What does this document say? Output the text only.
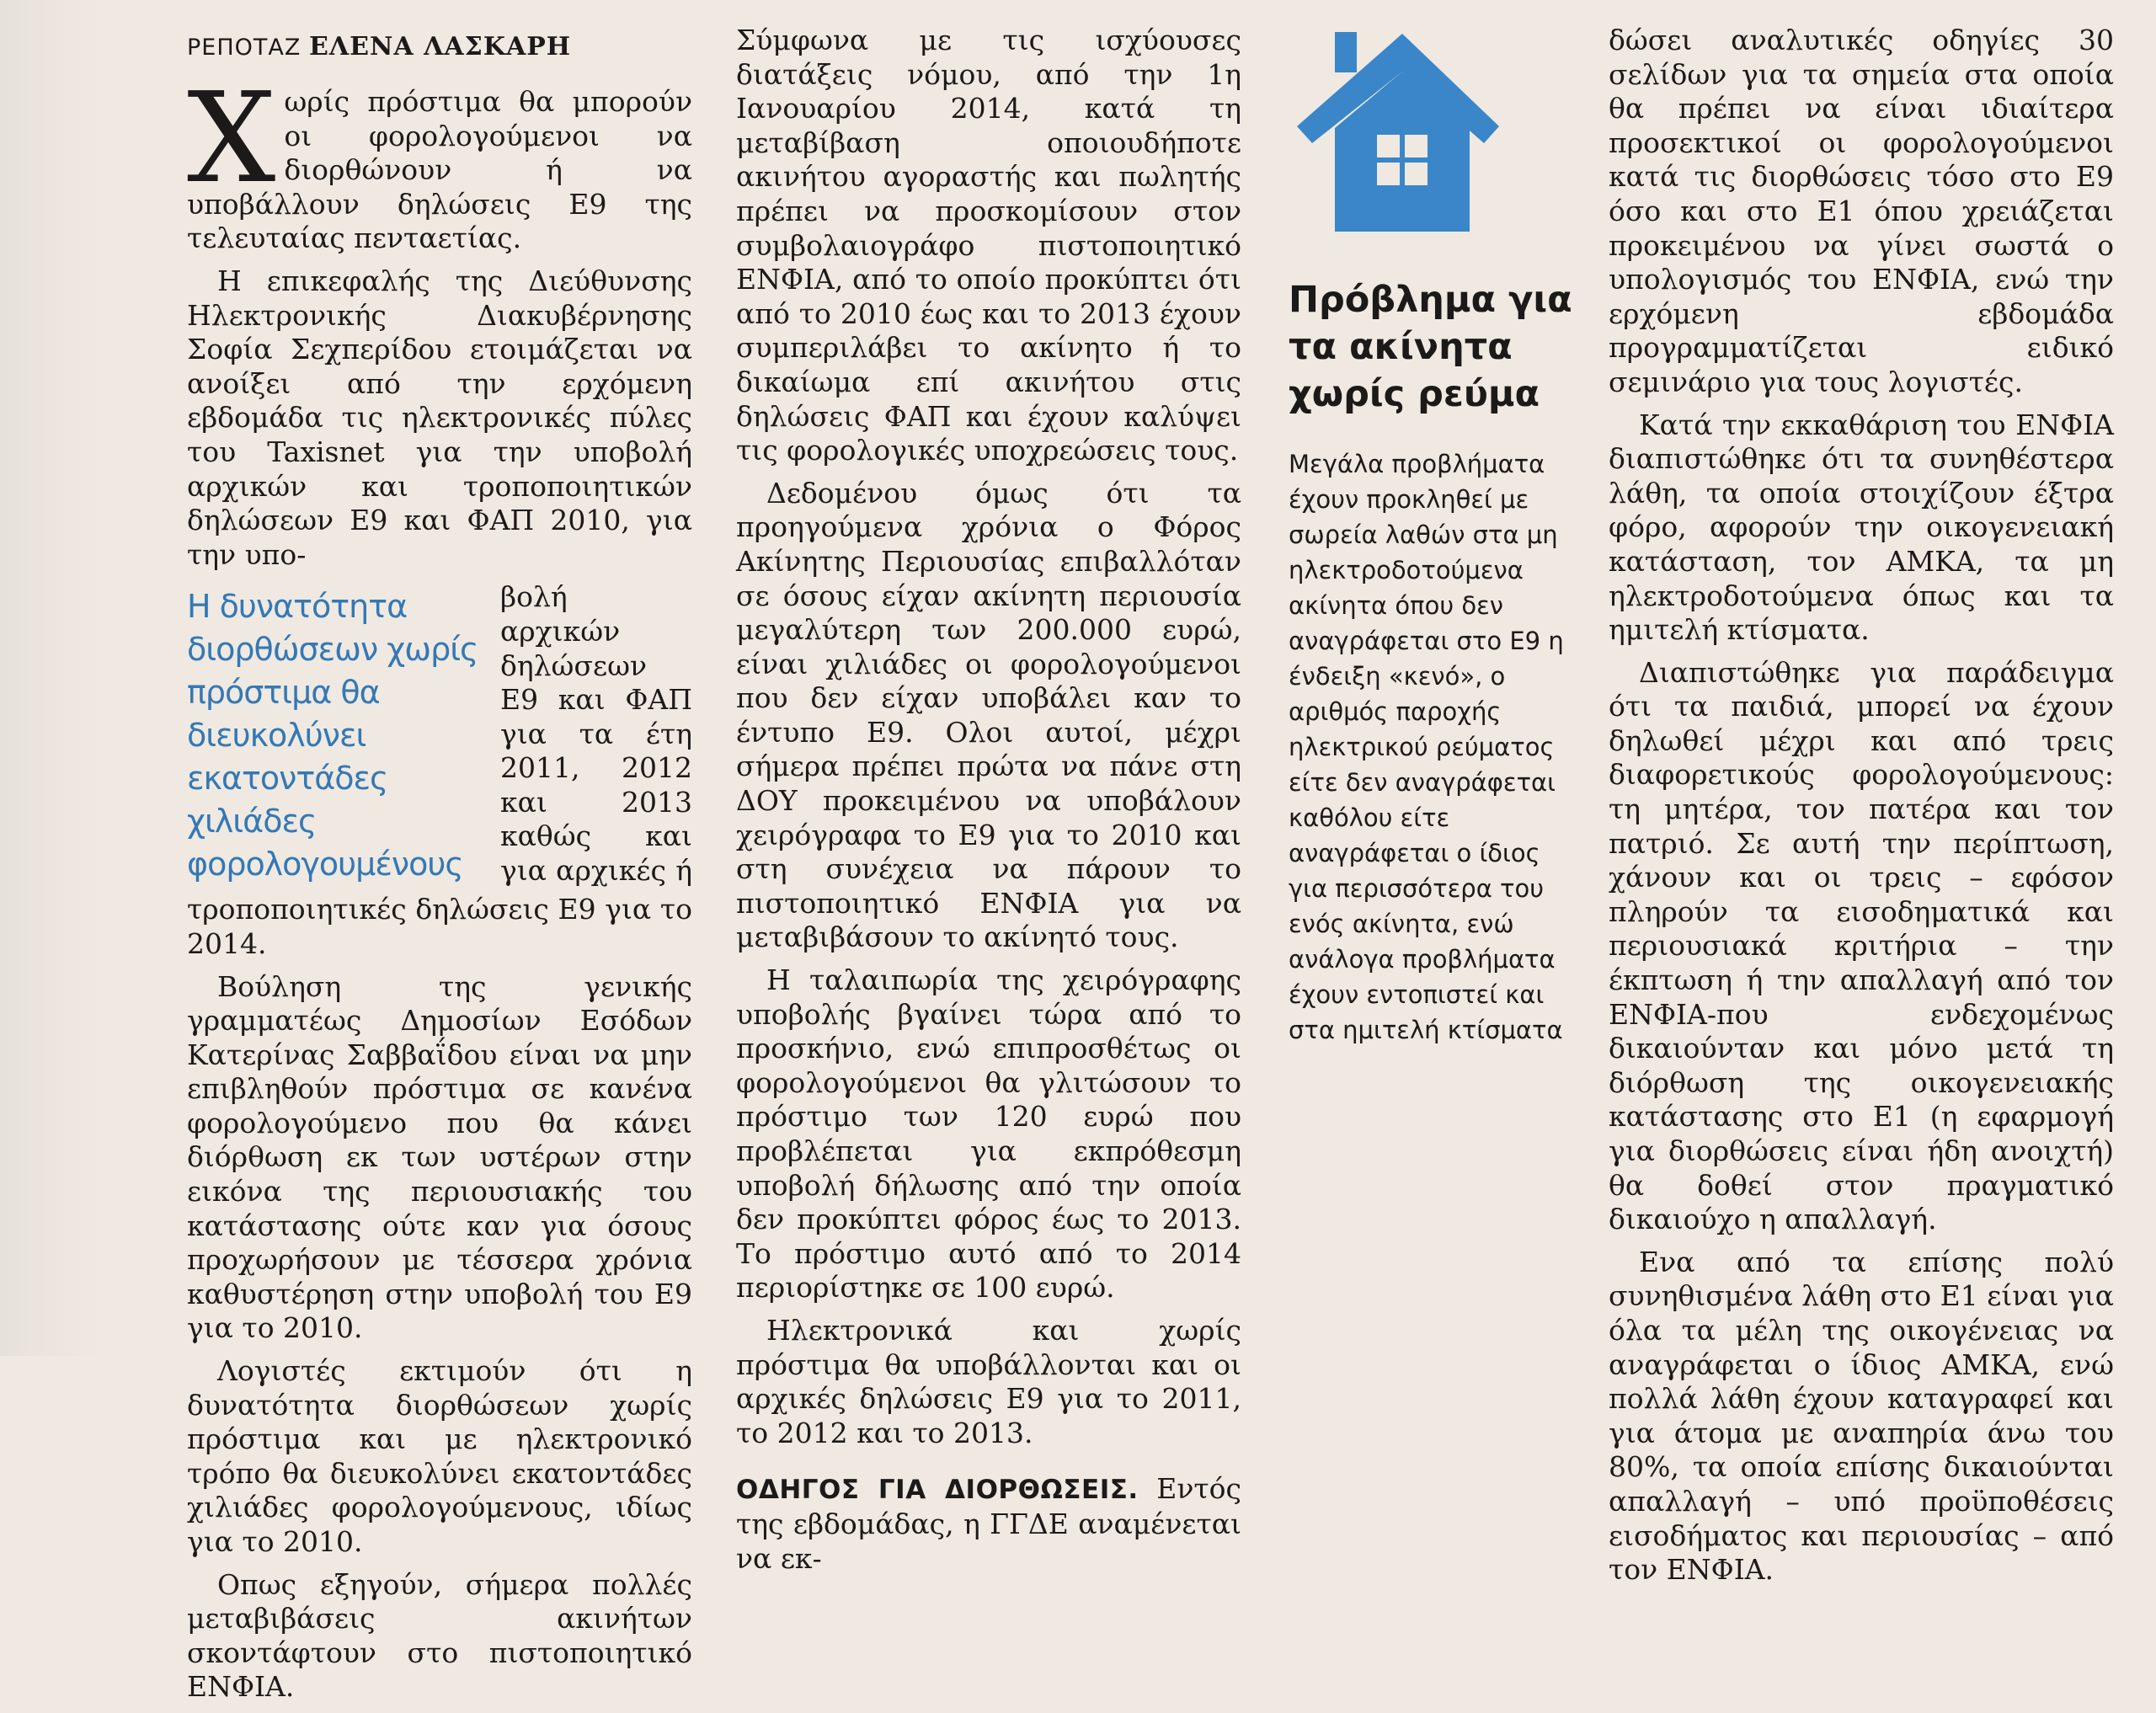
ΡΕΠΟΤΑΖ ΕΛΕΝΑ ΛΑΣΚΑΡΗ

Χωρίς πρόστιμα θα μπορούν οι φορολογούμενοι να διορθώνουν ή να υποβάλλουν δηλώσεις Ε9 της τελευταίας πενταετίας.

Η επικεφαλής της Διεύθυνσης Ηλεκτρονικής Διακυβέρνησης Σοφία Σεχπερίδου ετοιμάζεται να ανοίξει από την ερχόμενη εβδομάδα τις ηλεκτρονικές πύλες του Taxisnet για την υποβολή αρχικών και τροποποιητικών δηλώσεων Ε9 και ΦΑΠ 2010, για την υπο-

Η δυνατότητα διορθώσεων χωρίς πρόστιμα θα διευκολύνει εκατοντάδες χιλιάδες φορολογουμένους

βολή αρχικών δηλώσεων Ε9 και ΦΑΠ για τα έτη 2011, 2012 και 2013 καθώς και για αρχικές ή τροποποιητικές δηλώσεις Ε9 για το 2014.

Βούληση της γενικής γραμματέως Δημοσίων Εσόδων Κατερίνας Σαββαΐδου είναι να μην επιβληθούν πρόστιμα σε κανένα φορολογούμενο που θα κάνει διόρθωση εκ των υστέρων στην εικόνα της περιουσιακής του κατάστασης ούτε καν για όσους προχωρήσουν με τέσσερα χρόνια καθυστέρηση στην υποβολή του Ε9 για το 2010.

Λογιστές εκτιμούν ότι η δυνατότητα διορθώσεων χωρίς πρόστιμα και με ηλεκτρονικό τρόπο θα διευκολύνει εκατοντάδες χιλιάδες φορολογούμενους, ιδίως για το 2010.

Οπως εξηγούν, σήμερα πολλές μεταβιβάσεις ακινήτων σκοντάφτουν στο πιστοποιητικό ΕΝΦΙΑ.

Σύμφωνα με τις ισχύουσες διατάξεις νόμου, από την 1η Ιανουαρίου 2014, κατά τη μεταβίβαση οποιουδήποτε ακινήτου αγοραστής και πωλητής πρέπει να προσκομίσουν στον συμβολαιογράφο πιστοποιητικό ΕΝΦΙΑ, από το οποίο προκύπτει ότι από το 2010 έως και το 2013 έχουν συμπεριλάβει το ακίνητο ή το δικαίωμα επί ακινήτου στις δηλώσεις ΦΑΠ και έχουν καλύψει τις φορολογικές υποχρεώσεις τους.

Δεδομένου όμως ότι τα προηγούμενα χρόνια ο Φόρος Ακίνητης Περιουσίας επιβαλλόταν σε όσους είχαν ακίνητη περιουσία μεγαλύτερη των 200.000 ευρώ, είναι χιλιάδες οι φορολογούμενοι που δεν είχαν υποβάλει καν το έντυπο Ε9. Ολοι αυτοί, μέχρι σήμερα πρέπει πρώτα να πάνε στη ΔΟΥ προκειμένου να υποβάλουν χειρόγραφα το Ε9 για το 2010 και στη συνέχεια να πάρουν το πιστοποιητικό ΕΝΦΙΑ για να μεταβιβάσουν το ακίνητό τους.

Η ταλαιπωρία της χειρόγραφης υποβολής βγαίνει τώρα από το προσκήνιο, ενώ επιπροσθέτως οι φορολογούμενοι θα γλιτώσουν το πρόστιμο των 120 ευρώ που προβλέπεται για εκπρόθεσμη υποβολή δήλωσης από την οποία δεν προκύπτει φόρος έως το 2013. Το πρόστιμο αυτό από το 2014 περιορίστηκε σε 100 ευρώ.

Ηλεκτρονικά και χωρίς πρόστιμα θα υποβάλλονται και οι αρχικές δηλώσεις Ε9 για το 2011, το 2012 και το 2013.

ΟΔΗΓΟΣ ΓΙΑ ΔΙΟΡΘΩΣΕΙΣ. Εντός της εβδομάδας, η ΓΓΔΕ αναμένεται να εκ-

Πρόβλημα για τα ακίνητα χωρίς ρεύμα

Μεγάλα προβλήματα έχουν προκληθεί με σωρεία λαθών στα μη ηλεκτροδοτούμενα ακίνητα όπου δεν αναγράφεται στο Ε9 η ένδειξη «κενό», ο αριθμός παροχής ηλεκτρικού ρεύματος είτε δεν αναγράφεται καθόλου είτε αναγράφεται ο ίδιος για περισσότερα του ενός ακίνητα, ενώ ανάλογα προβλήματα έχουν εντοπιστεί και στα ημιτελή κτίσματα

δώσει αναλυτικές οδηγίες 30 σελίδων για τα σημεία στα οποία θα πρέπει να είναι ιδιαίτερα προσεκτικοί οι φορολογούμενοι κατά τις διορθώσεις τόσο στο Ε9 όσο και στο Ε1 όπου χρειάζεται προκειμένου να γίνει σωστά ο υπολογισμός του ΕΝΦΙΑ, ενώ την ερχόμενη εβδομάδα προγραμματίζεται ειδικό σεμινάριο για τους λογιστές.

Κατά την εκκαθάριση του ΕΝΦΙΑ διαπιστώθηκε ότι τα συνηθέστερα λάθη, τα οποία στοιχίζουν έξτρα φόρο, αφορούν την οικογενειακή κατάσταση, τον ΑΜΚΑ, τα μη ηλεκτροδοτούμενα όπως και τα ημιτελή κτίσματα.

Διαπιστώθηκε για παράδειγμα ότι τα παιδιά, μπορεί να έχουν δηλωθεί μέχρι και από τρεις διαφορετικούς φορολογούμενους: τη μητέρα, τον πατέρα και τον πατριό. Σε αυτή την περίπτωση, χάνουν και οι τρεις – εφόσον πληρούν τα εισοδηματικά και περιουσιακά κριτήρια – την έκπτωση ή την απαλλαγή από τον ΕΝΦΙΑ-που ενδεχομένως δικαιούνταν και μόνο μετά τη διόρθωση της οικογενειακής κατάστασης στο Ε1 (η εφαρμογή για διορθώσεις είναι ήδη ανοιχτή) θα δοθεί στον πραγματικό δικαιούχο η απαλλαγή.

Ενα από τα επίσης πολύ συνηθισμένα λάθη στο Ε1 είναι για όλα τα μέλη της οικογένειας να αναγράφεται ο ίδιος ΑΜΚΑ, ενώ πολλά λάθη έχουν καταγραφεί και για άτομα με αναπηρία άνω του 80%, τα οποία επίσης δικαιούνται απαλλαγή – υπό προϋποθέσεις εισοδήματος και περιουσίας – από τον ΕΝΦΙΑ.
